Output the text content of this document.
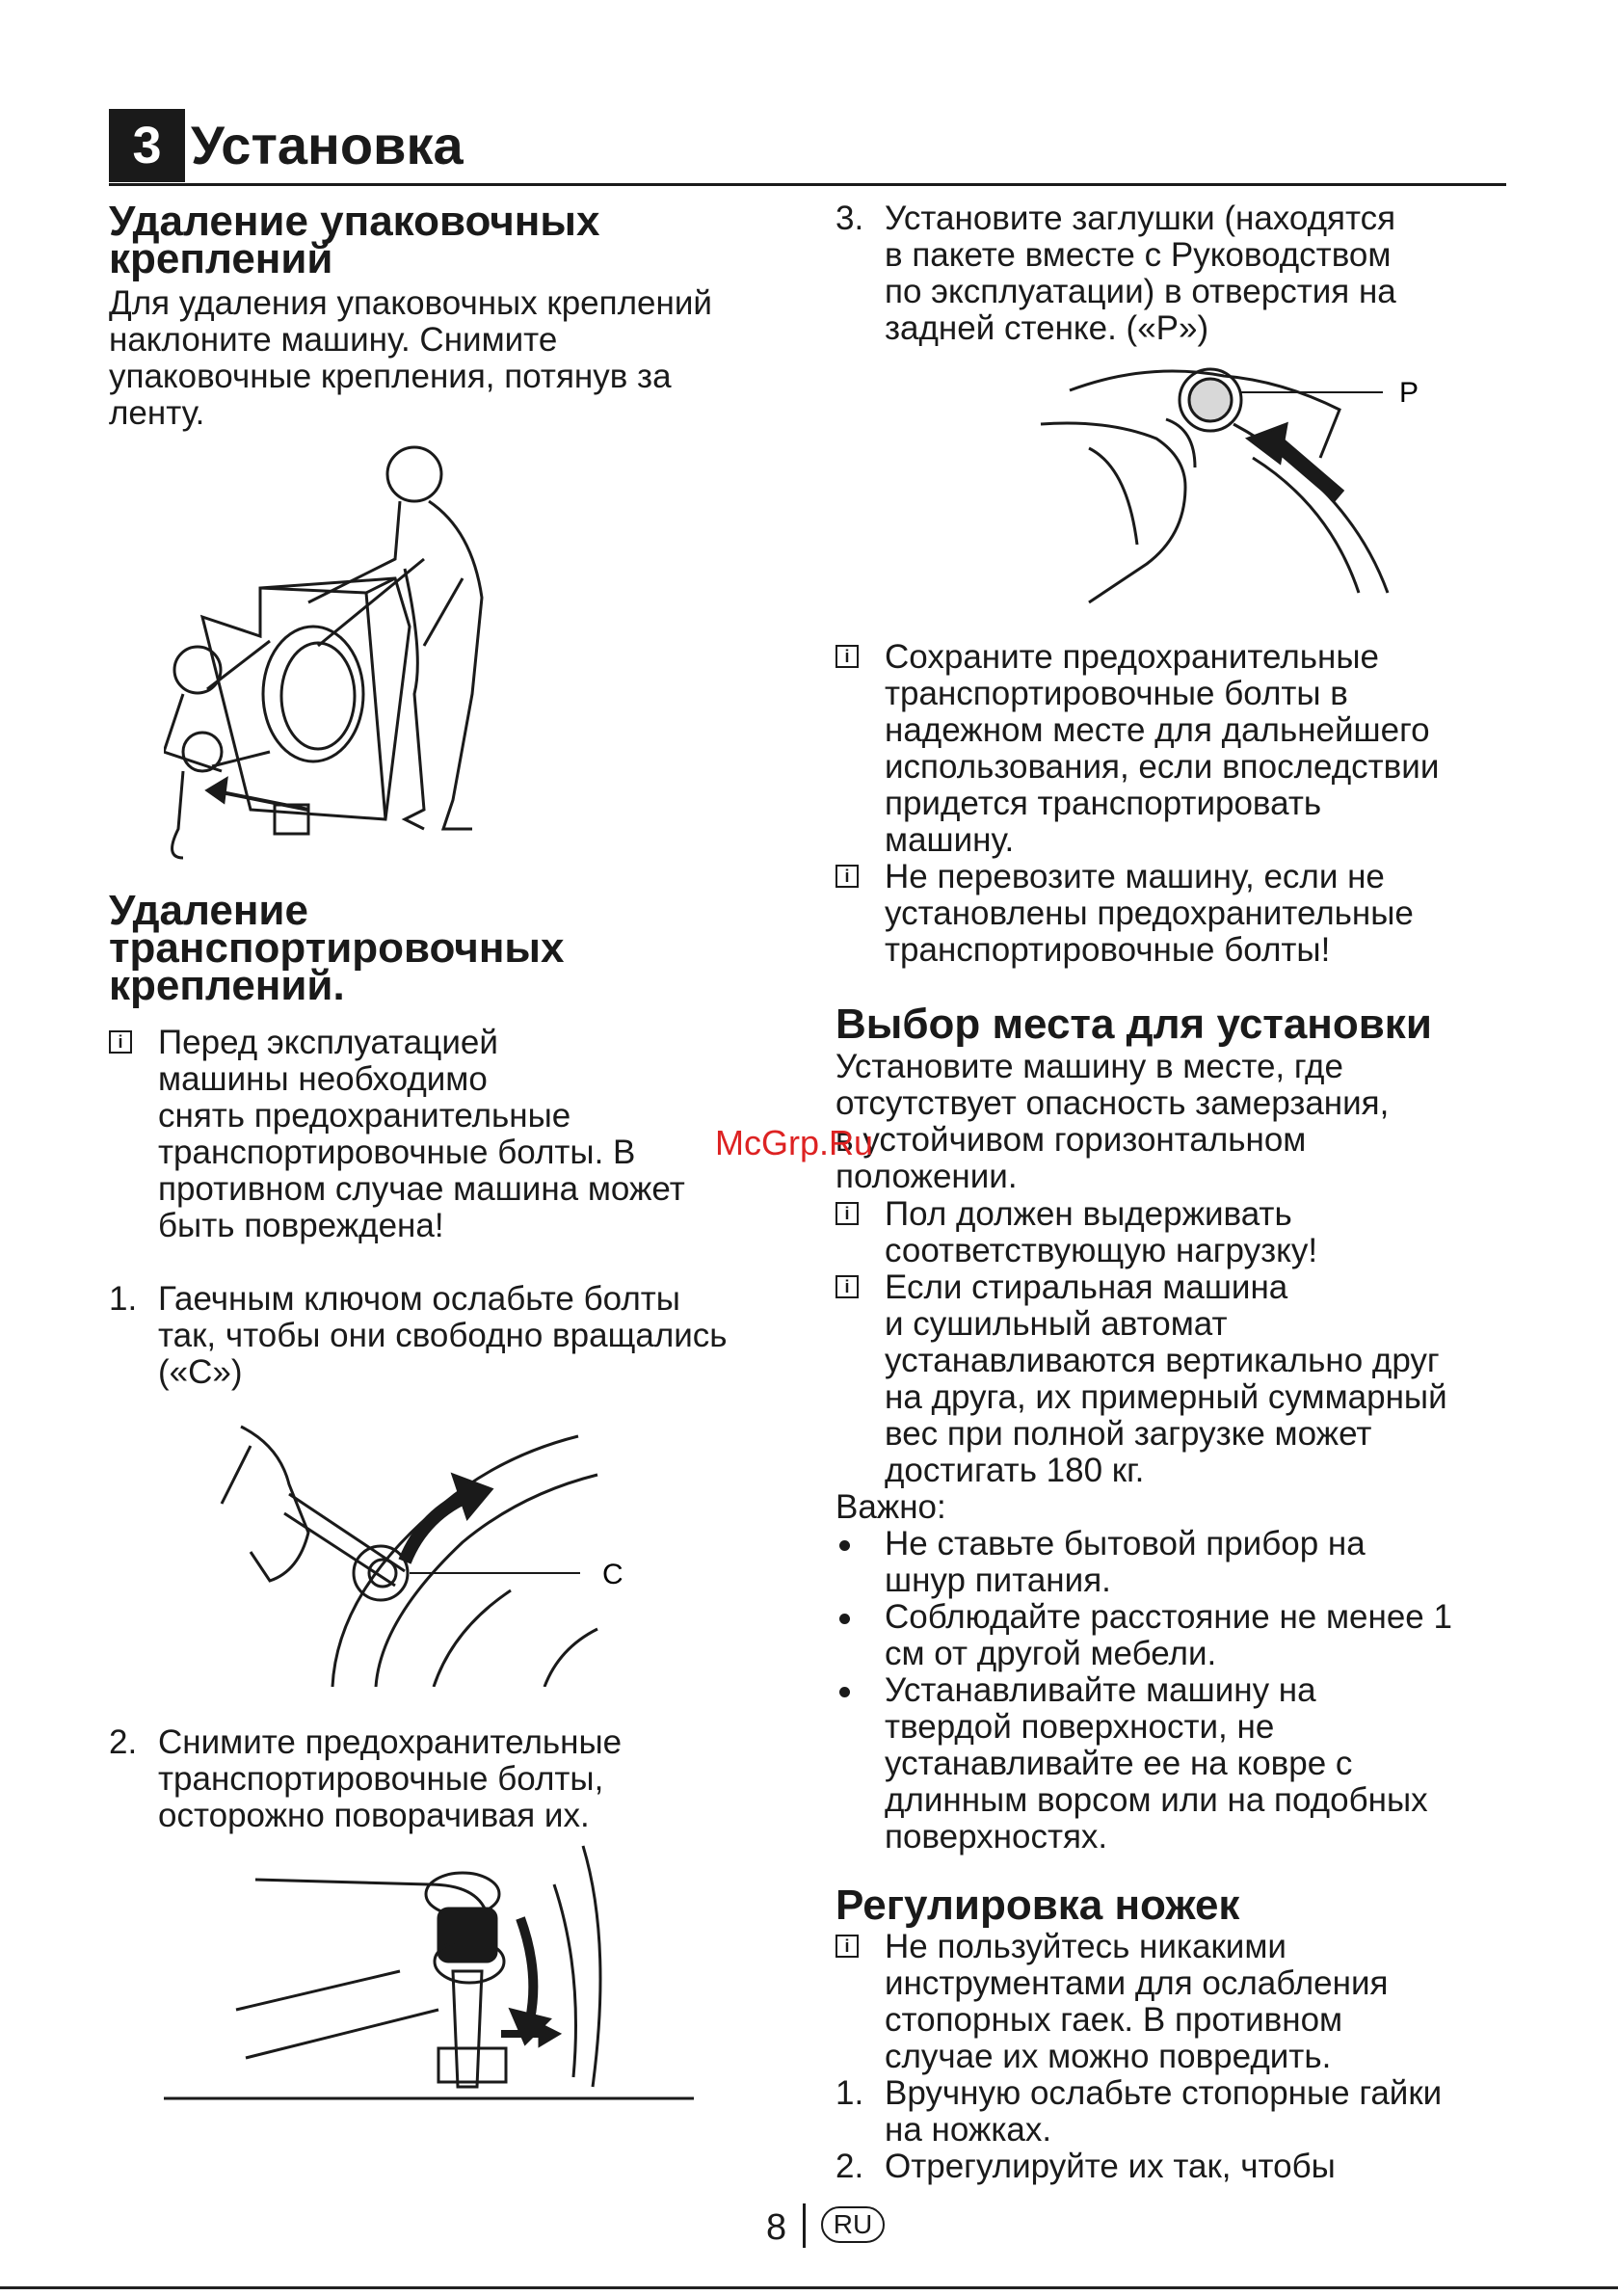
3 Установка
Удаление упаковочных
креплений
Для удаления упаковочных креплений
наклоните машину. Снимите
упаковочные крепления, потянув за
ленту.
Удаление
транспортировочных
креплений.
i Перед эксплуатацией
машины необходимо
снять предохранительные
транспортировочные болты. В
противном случае машина может
быть повреждена!
1. Гаечным ключом ослабьте болты
так, чтобы они свободно вращались
(«C»)
C
2. Снимите предохранительные
транспортировочные болты,
осторожно поворачивая их.
3. Установите заглушки (находятся
в пакете вместе с Руководством
по эксплуатации) в отверстия на
задней стенке. («P»)
P
i Сохраните предохранительные
транспортировочные болты в
надежном месте для дальнейшего
использования, если впоследствии
придется транспортировать
машину.
i Не перевозите машину, если не
установлены предохранительные
транспортировочные болты!
Выбор места для установки
Установите машину в месте, где
отсутствует опасность замерзания,
в устойчивом горизонтальном
положении.
i Пол должен выдерживать
соответствующую нагрузку!
i Если стиральная машина
и сушильный автомат
устанавливаются вертикально друг
на друга, их примерный суммарный
вес при полной загрузке может
достигать 180 кг.
Важно:
Не ставьте бытовой прибор на
шнур питания.
Соблюдайте расстояние не менее 1
см от другой мебели.
Устанавливайте машину на
твердой поверхности, не
устанавливайте ее на ковре с
длинным ворсом или на подобных
поверхностях.
Регулировка ножек
i Не пользуйтесь никакими
инструментами для ослабления
стопорных гаек. В противном
случае их можно повредить.
1. Вручную ослабьте стопорные гайки
на ножках.
2. Отрегулируйте их так, чтобы
McGrp.Ru
8	RU
